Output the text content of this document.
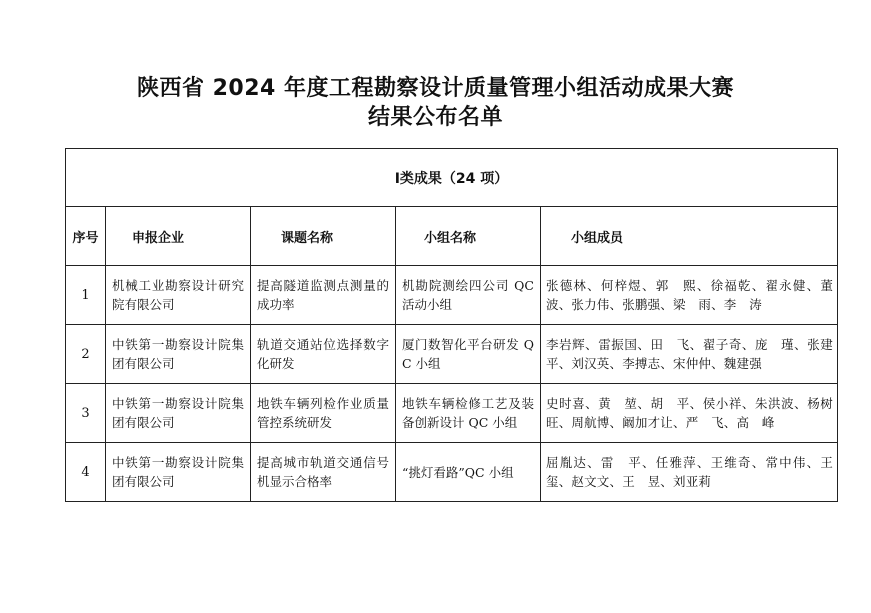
陕西省 2024 年度工程勘察设计质量管理小组活动成果大赛
结果公布名单
Ⅰ类成果（24 项）				
序号	申报企业	课题名称	小组名称	小组成员
1	机械工业勘察设计研究院有限公司	提高隧道监测点测量的成功率	机勘院测绘四公司 QC 活动小组	张德林、何梓煜、郭　熙、徐福乾、翟永健、董　波、张力伟、张鹏强、梁　雨、李　涛

2	中铁第一勘察设计院集团有限公司	轨道交通站位选择数字化研发	厦门数智化平台研发 QC 小组	李岩辉、雷振国、田　飞、翟子奇、庞　瑾、张建平、刘汉英、李搏志、宋仲仲、魏建强

3	中铁第一勘察设计院集团有限公司	地铁车辆列检作业质量管控系统研发	地铁车辆检修工艺及装备创新设计 QC 小组	史时喜、黄　堃、胡　平、侯小祥、朱洪波、杨树旺、周航博、阚加才让、严　飞、高　峰

4	中铁第一勘察设计院集团有限公司	提高城市轨道交通信号机显示合格率	“挑灯看路”QC 小组	屈胤达、雷　平、任雅萍、王维奇、常中伟、王　玺、赵文文、王　昱、刘亚莉
